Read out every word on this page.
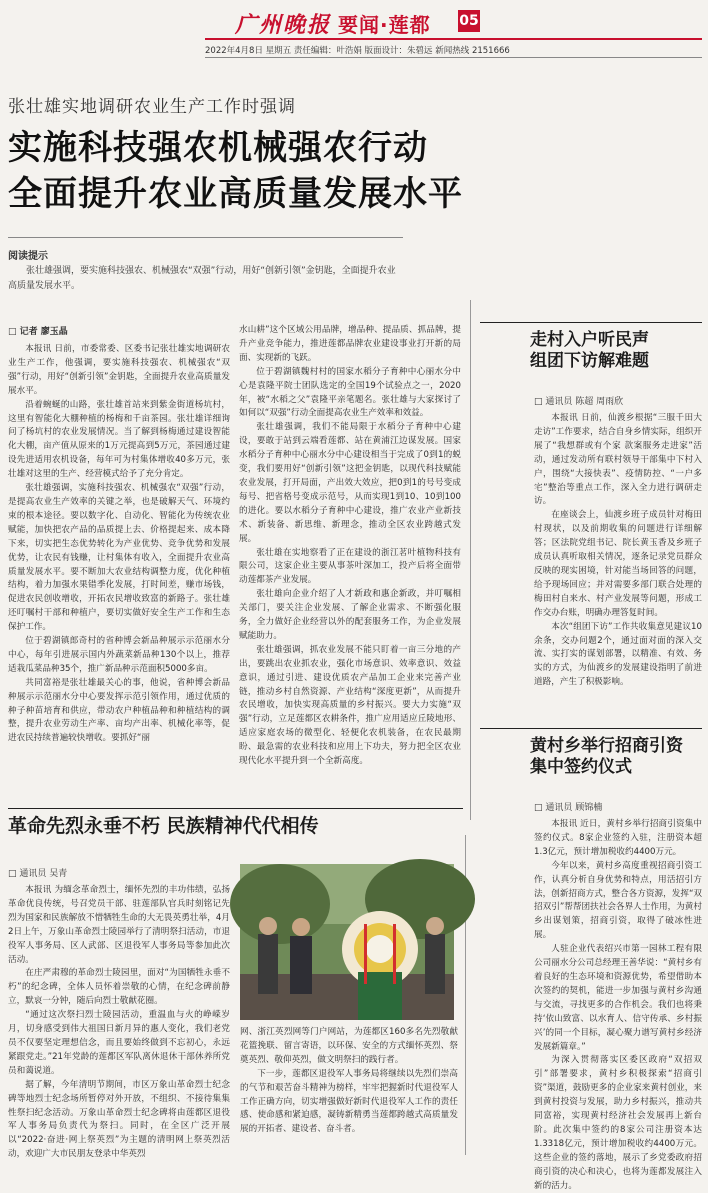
广州晚报 要闻·莲都 05
2022年4月8日 星期五 责任编辑：叶浩娟 版面设计：朱碧远 新闻热线 2151666
张壮雄实地调研农业生产工作时强调
实施科技强农机械强农行动
全面提升农业高质量发展水平
阅读提示
张壮雄强调，要实施科技强农、机械强农“双强”行动，用好“创新引领”金钥匙，全面提升农业高质量发展水平。
□ 记者 廖玉晶

本报讯 日前，市委常委、区委书记张壮雄实地调研农业生产工作，他强调，要实施科技强农、机械强农“双强”行动，用好“创新引领”金钥匙，全面提升农业高质量发展水平。

沿着蜿蜒的山路，张壮雄首站来到紫金街道杨坑村，这里有智能化大棚种植的杨梅和千亩茶园。张壮雄详细询问了杨坑村的农业发展情况。当了解到杨梅通过建设智能化大棚，亩产值从原来的1万元提高到5万元，茶园通过建设先进适用农机设备，每年可为村集体增收40多万元，张壮雄对这里的生产、经营模式给予了充分肯定。

张壮雄强调，实施科技强农、机械强农“双强”行动，是提高农业生产效率的关键之举，也是破解天气、环境约束的根本途径。要以数字化、自动化、智能化为传统农业赋能，加快把农产品的品质提上去、价格提起来、成本降下来，切实把生态优势转化为产业优势、竞争优势和发展优势，让农民有钱赚，让村集体有收入，全面提升农业高质量发展水平。要不断加大农业结构调整力度，优化种植结构，着力加强水果错季化发展，打时间差，赚市场钱，促进农民创收增收，开拓农民增收致富的新路子。张壮雄还叮嘱村干部和种植户，要切实做好安全生产工作和生态保护工作。

位于碧湖镇郎奇村的省种博会新品种展示示范丽水分中心，每年引进展示国内外蔬菜新品种130个以上，推荐适栽瓜菜品种35个，推广新品种示范面积5000多亩。

共同富裕是张壮雄最关心的事，他说，省种博会新品种展示示范丽水分中心要发挥示范引领作用，通过优质的种子种苗培育和供应，带动农户种植品种和种植结构的调整，提升农业劳动生产率、亩均产出率、机械化率等，促进农民持续普遍较快增收。要抓好“丽

水山耕”这个区域公用品牌，增品种、提品质、抓品牌，提升产业竞争能力，推进莲都品牌农业建设事业打开新的局面、实现新的飞跃。

位于碧湖镇魏村村的国家水稻分子育种中心丽水分中心是袁隆平院士团队选定的全国19个试验点之一，2020年，被“水稻之父”袁隆平亲笔题名。张壮雄与大家探讨了如何以“双强”行动全面提高农业生产效率和效益。

张壮雄强调，我们不能局限于水稻分子育种中心建设，要敢于站到云端看莲都、站在黄浦江边谋发展。国家水稻分子育种中心丽水分中心建设相当于完成了0到1的蜕变，我们要用好“创新引领”这把金钥匙，以现代科技赋能农业发展，打开局面，产出效大效应，把0到1的号号变成每号、把省格号变成示范号，从而实现1到10、10到100的进化。要以水稻分子育种中心建设，推广农业产业新技术、新装备、新思维、新理念，推动全区农业跨越式发展。

张壮雄在实地察看了正在建设的浙江茗叶植物科技有限公司，这家企业主要从事茶叶深加工，投产后将全面带动莲都茶产业发展。

张壮雄向企业介绍了人才新政和惠企新政，并叮嘱相关部门，要关注企业发展、了解企业需求、不断强化服务，全力做好企业经营以外的配套服务工作，为企业发展赋能助力。

张壮雄强调，抓农业发展不能只盯着一亩三分地的产出，要跳出农业抓农业，强化市场意识、效率意识、效益意识，通过引进、建设优质农产品加工企业来完善产业链，推动乡村自然资源、产业结构“深度更新”，从而提升农民增收，加快实现高质量的乡村振兴。要大力实施“双强”行动，立足莲都区农耕条件，推广应用适应丘陵地形、适应家庭农场的微型化、轻便化农机装备，在农民最期盼、最急需的农业科技和应用上下功夫，努力把全区农业现代化水平提升到一个全新高度。

走村入户听民声
组团下访解难题
□ 通讯员 陈超 周雨欣

本报讯 日前，仙渡乡根据“三服千田大走访”工作要求，结合自身乡情实际，组织开展了“我想群或有个家 款案服务走进家”活动，通过发动所有联村领导干部集中下村入户，围绕“大接快表”、疫情防控、“一户多宅”整治等重点工作，深入全力进行调研走访。

在座谈会上，仙渡乡班子成员针对梅田村现状，以及前期收集的问题进行详细解答；区法院党组书记、院长黄玉香及乡班子成员认真听取相关情况，逐条记录党员群众反映的现实困境，针对能当场回答的问题，给予现场回应；并对需要多部门联合处理的梅田村自来水、村产业发展等问题，形成工作交办台账，明确办理答复时间。

本次“组团下访”工作共收集意见建议10余条，交办问题2个，通过面对面的深入交流、实打实的谋划部署，以精准、有效、务实的方式，为仙渡乡的发展建设指明了前进道路，产生了积极影响。

黄村乡举行招商引资
集中签约仪式
□ 通讯员 顾锦楠

本报讯 近日，黄村乡举行招商引资集中签约仪式。8家企业签约入驻，注册资本超1.3亿元，预计增加税收约4400万元。

今年以来，黄村乡高度重视招商引资工作，认真分析自身优势和特点，用活招引方法，创新招商方式，整合各方资源，发挥“双招双引”帮帮团扶社会各界人士作用，为黄村乡出谋划策，招商引资，取得了破冰性进展。

人驻企业代表绍兴市第一园林工程有限公司丽水分公司总经理王善华说：“黄村乡有着良好的生态环境和资源优势，希望借助本次签约的契机，能进一步加强与黄村乡沟通与交流，寻找更多的合作机会。我们也将秉持‘依山致富、以水育人、信守传承、乡村振兴’的同一个目标，凝心聚力谱写黄村乡经济发展新篇章。”

为深入贯彻落实区委区政府“双招双引”部署要求，黄村乡积极探索“招商引资”渠道，鼓励更多的企业家来黄村创业，来到黄村投资与发展，助力乡村振兴，推动共同富裕，实现黄村经济社会发展再上新台阶。此次集中签约的8家公司注册资本达1.3318亿元，预计增加税收约4400万元。这些企业的签约落地，展示了乡党委政府招商引资的决心和决心，也将为莲都发展注入新的活力。

革命先烈永垂不朽 民族精神代代相传
□ 通讯员 吴青

本报讯 为缅念革命烈士，缅怀先烈的丰功伟绩，弘扬革命优良传统，号召党员干部、驻莲部队官兵时刻铭记先烈为国家和民族解放不惜牺牲生命的大无畏英勇壮举，4月2日上午，万象山革命烈士陵园举行了清明祭扫活动，市退役军人事务局、区人武部、区退役军人事务局等参加此次活动。

在庄严肃穆的革命烈士陵园里，面对“为国牺牲永垂不朽”的纪念碑，全体人员怀着崇敬的心情，在纪念碑前静立，默哀一分钟，随后向烈士敬献花圈。

“通过这次祭扫烈士陵园活动，重温血与火的峥嵘岁月，切身感受到伟大祖国日新月异的惠人变化，我们老党员不仅要坚定理想信念，而且要始终做到不忘初心，永远紧跟党走。”21年党龄的莲都区军队离休退休干部休养所党员和蔼说道。

据了解，今年清明节期间，市区万象山革命烈士纪念碑等地烈士纪念场所暂停对外开放，不组织、不接待集集性祭扫纪念活动。万象山革命烈士纪念碑将由莲都区退役军人事务局负责代为祭扫。同时，在全区广泛开展以“2022·奋进·网上祭英烈”为主题的清明网上祭英烈活动，欢迎广大市民朋友登录中华英烈

网、浙江英烈网等门户网站，为莲都区160多名先烈敬献花篮挽联、留言寄语，以环保、安全的方式缅怀英烈、祭奠英烈、敬仰英烈，做文明祭扫的践行者。

下一步，莲都区退役军人事务局将继续以先烈们崇高的气节和艰苦奋斗精神为榜样，牢牢把握新时代退役军人工作正确方向，切实增强做好新时代退役军人工作的责任感、使命感和紧迫感，凝铸新精勇当莲都跨越式高质量发展的开拓者、建设者、奋斗者。
